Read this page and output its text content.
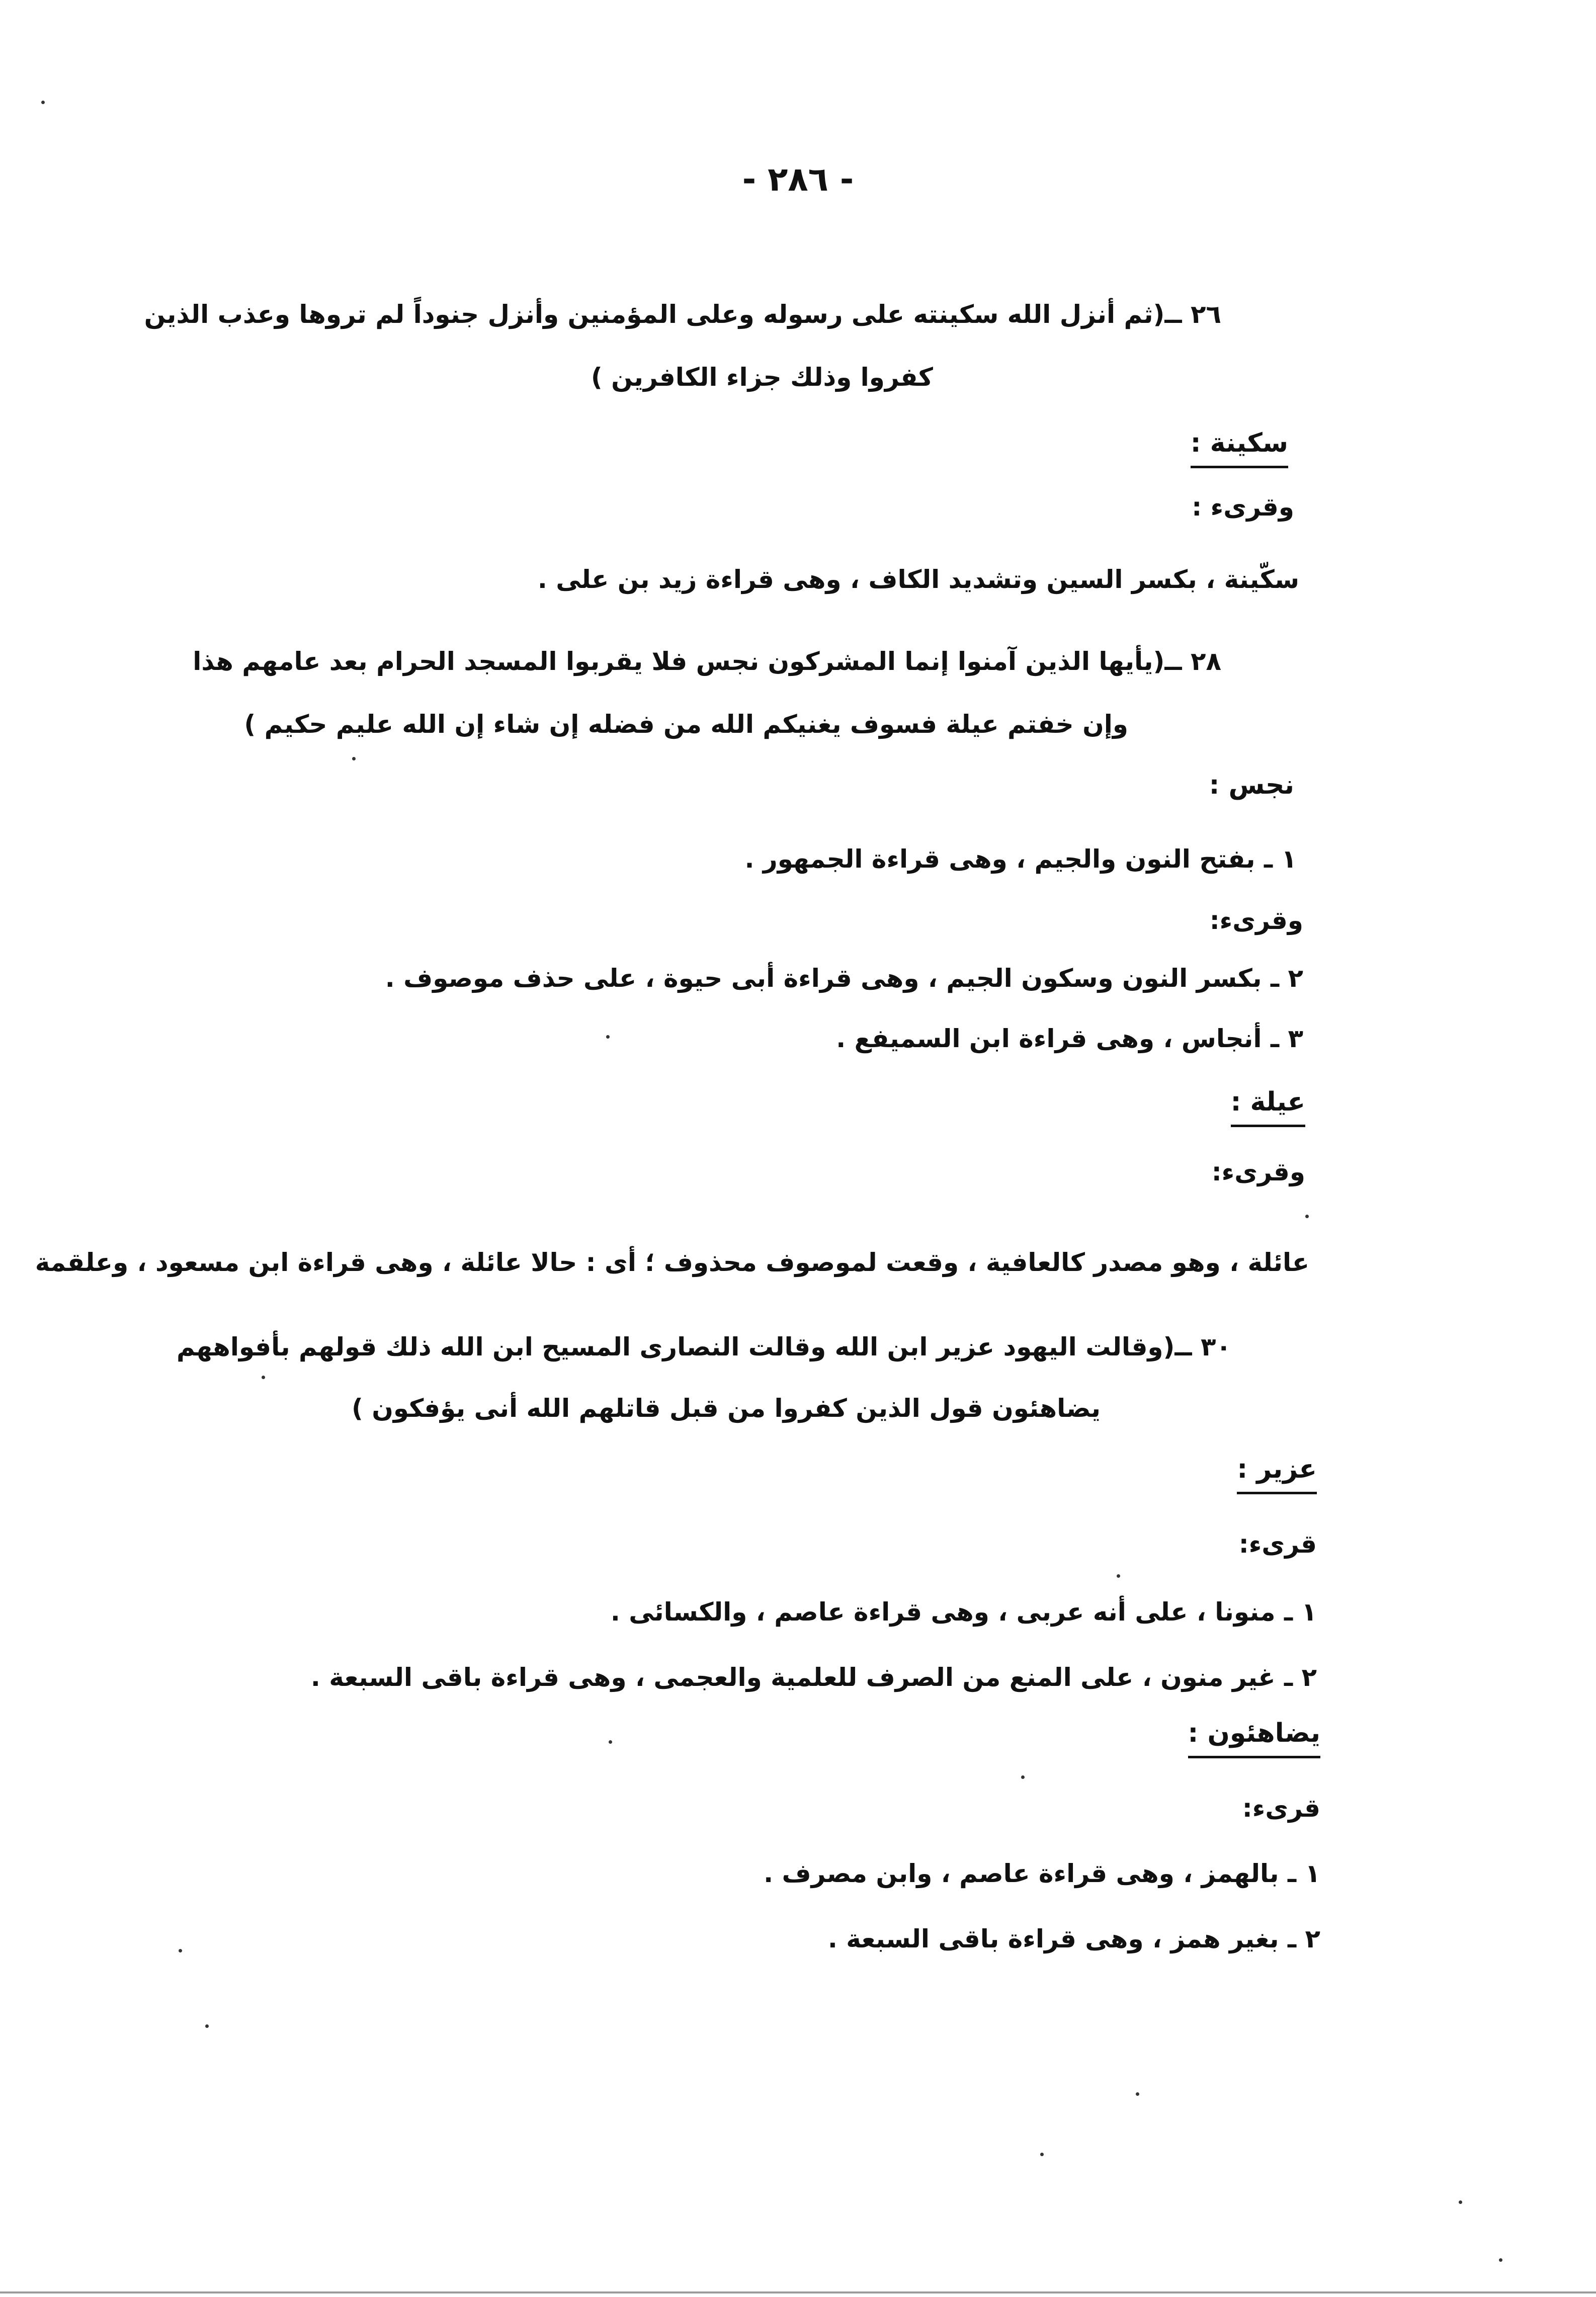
- ٢٨٦ -
٢٦ ــ(ثم أنزل الله سكينته على رسوله وعلى المؤمنين وأنزل جنوداً لم تروها وعذب الذين
كفروا وذلك جزاء الكافرين )
سكينة :
وقرىء :
سكّينة ، بكسر السين وتشديد الكاف ، وهى قراءة زيد بن على .
٢٨ ــ(يأيها الذين آمنوا إنما المشركون نجس فلا يقربوا المسجد الحرام بعد عامهم هذا
وإن خفتم عيلة فسوف يغنيكم الله من فضله إن شاء إن الله عليم حكيم )
نجس :
١ ـ بفتح النون والجيم ، وهى قراءة الجمهور .
وقرىء:
٢ ـ بكسر النون وسكون الجيم ، وهى قراءة أبى حيوة ، على حذف موصوف .
٣ ـ أنجاس ، وهى قراءة ابن السميفع .
عيلة :
وقرىء:
عائلة ، وهو مصدر كالعافية ، وقعت لموصوف محذوف ؛ أى : حالا عائلة ، وهى قراءة ابن مسعود ، وعلقمة
٣٠ ــ(وقالت اليهود عزير ابن الله وقالت النصارى المسيح ابن الله ذلك قولهم بأفواههم
يضاهئون قول الذين كفروا من قبل قاتلهم الله أنى يؤفكون )
عزير :
قرىء:
١ ـ منونا ، على أنه عربى ، وهى قراءة عاصم ، والكسائى .
٢ ـ غير منون ، على المنع من الصرف للعلمية والعجمى ، وهى قراءة باقى السبعة .
يضاهئون :
قرىء:
١ ـ بالهمز ، وهى قراءة عاصم ، وابن مصرف .
٢ ـ بغير همز ، وهى قراءة باقى السبعة .
